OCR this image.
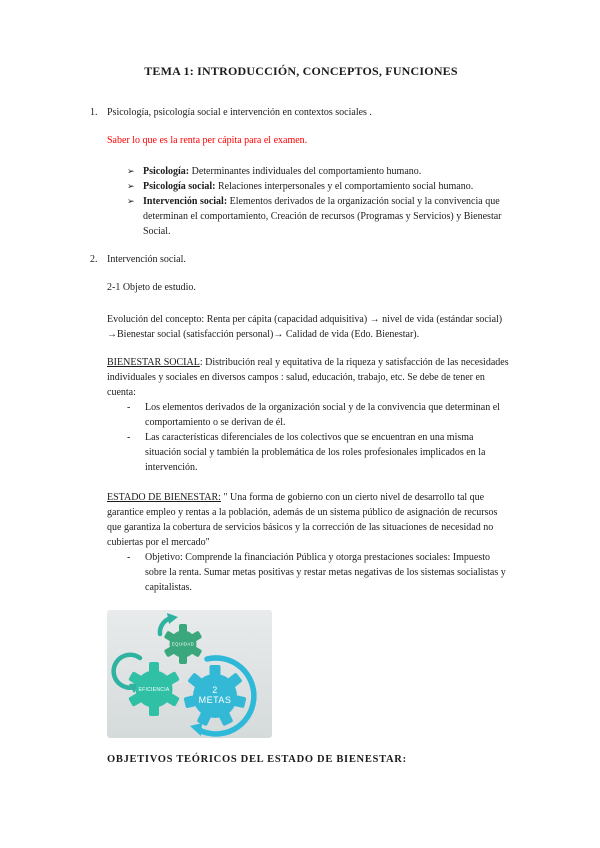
TEMA 1: INTRODUCCIÓN, CONCEPTOS, FUNCIONES
1. Psicología, psicología social e intervención en contextos sociales .
Saber lo que es la renta per cápita para el examen.
➢ Psicología: Determinantes individuales del comportamiento humano.
➢ Psicología social: Relaciones interpersonales y el comportamiento social humano.
➢ Intervención social: Elementos derivados de la organización social y la convivencia que determinan el comportamiento, Creación de recursos (Programas y Servicios) y Bienestar Social.
2. Intervención social.
2-1 Objeto de estudio.
Evolución del concepto: Renta per cápita (capacidad adquisitiva) → nivel de vida (estándar social) →Bienestar social (satisfacción personal)→ Calidad de vida (Edo. Bienestar).
BIENESTAR SOCIAL: Distribución real y equitativa de la riqueza y satisfacción de las necesidades individuales y sociales en diversos campos : salud, educación, trabajo, etc. Se debe de tener en cuenta:
-	Los elementos derivados de la organización social y de la convivencia que determinan el comportamiento o se derivan de él.
-	Las características diferenciales de los colectivos que se encuentran en una misma situación social y también la problemática de los roles profesionales implicados en la intervención.
ESTADO DE BIENESTAR: " Una forma de gobierno con un cierto nivel de desarrollo tal que garantice empleo y rentas a la población, además de un sistema público de asignación de recursos que garantiza la cobertura de servicios básicos y la corrección de las situaciones de necesidad no cubiertas por el mercado"
-	Objetivo: Comprende la financiación Pública y otorga prestaciones sociales: Impuesto sobre la renta. Sumar metas positivas y restar metas negativas de los sistemas socialistas y capitalistas.
EQUIDAD
EFICIENCIA	2
METAS
OBJETIVOS TEÓRICOS DEL ESTADO DE BIENESTAR:
